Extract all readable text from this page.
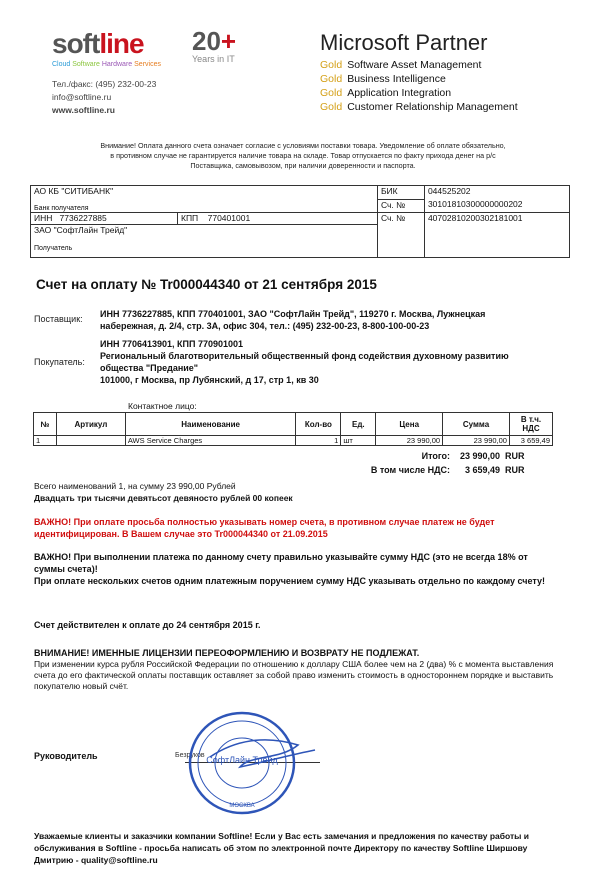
softline 20+
Years in IT
Cloud Software Hardware Services
Тел./факс: (495) 232-00-23
info@softline.ru
www.softline.ru
Microsoft Partner
Gold Software Asset Management
Gold Business Intelligence
Gold Application Integration
Gold Customer Relationship Management
Внимание! Оплата данного счета означает согласие с условиями поставки товара. Уведомление об оплате обязательно, в противном случае не гарантируется наличие товара на складе. Товар отпускается по факту прихода денег на р/с Поставщика, самовывозом, при наличии доверенности и паспорта.
АО КБ "СИТИБАНК"
Банк получателя		БИК	044525202
		Сч. №	30101810300000000202
ИНН 7736227885	КПП 770401001	Сч. №	40702810200302181001

ЗАО "СофтЛайн Трейд"
Получатель			
Счет на оплату № Tr000044340 от 21 сентября 2015
Поставщик: ИНН 7736227885, КПП 770401001, ЗАО "СофтЛайн Трейд", 119270 г. Москва, Лужнецкая
набережная, д. 2/4, стр. 3А, офис 304, тел.: (495) 232-00-23, 8-800-100-00-23
Покупатель:
ИНН 7706413901, КПП 770901001
Региональный благотворительный общественный фонд содействия духовному развитию
общества "Предание"
101000, г Москва, пр Лубянский, д 17, стр 1, кв 30
Контактное лицо:
№	Артикул	Наименование	Кол-во	Ед.	Цена	Сумма	В т.ч. НДС
1		AWS Service Charges	1	шт	23 990,00	23 990,00	3 659,49
Итого:	23 990,00 RUR
В том числе НДС:	3 659,49 RUR
Всего наименований 1, на сумму 23 990,00 Рублей
Двадцать три тысячи девятьсот девяносто рублей 00 копеек
ВАЖНО! При оплате просьба полностью указывать номер счета, в противном случае платеж не будет идентифицирован. В Вашем случае это Tr000044340 от 21.09.2015
ВАЖНО! При выполнении платежа по данному счету правильно указывайте сумму НДС (это не всегда 18% от суммы счета)!
При оплате нескольких счетов одним платежным поручением сумму НДС указывать отдельно по каждому счету!
Счет действителен к оплате до 24 сентября 2015 г.
ВНИМАНИЕ! ИМЕННЫЕ ЛИЦЕНЗИИ ПЕРЕОФОРМЛЕНИЮ И ВОЗВРАТУ НЕ ПОДЛЕЖАТ.
При изменении курса рубля Российской Федерации по отношению к доллару США более чем на 2 (два) % с момента выставления счета до его фактической оплаты поставщик оставляет за собой право изменить стоимость в одностороннем порядке и выставить покупателю новый счёт.
Руководитель	Безруков СофтЛайн Трейд
МОСКВА
Уважаемые клиенты и заказчики компании Softline! Если у Вас есть замечания и предложения по качеству работы и обслуживания в Softline - просьба написать об этом по электронной почте Директору по качеству Softline Ширшову Дмитрию - quality@softline.ru
